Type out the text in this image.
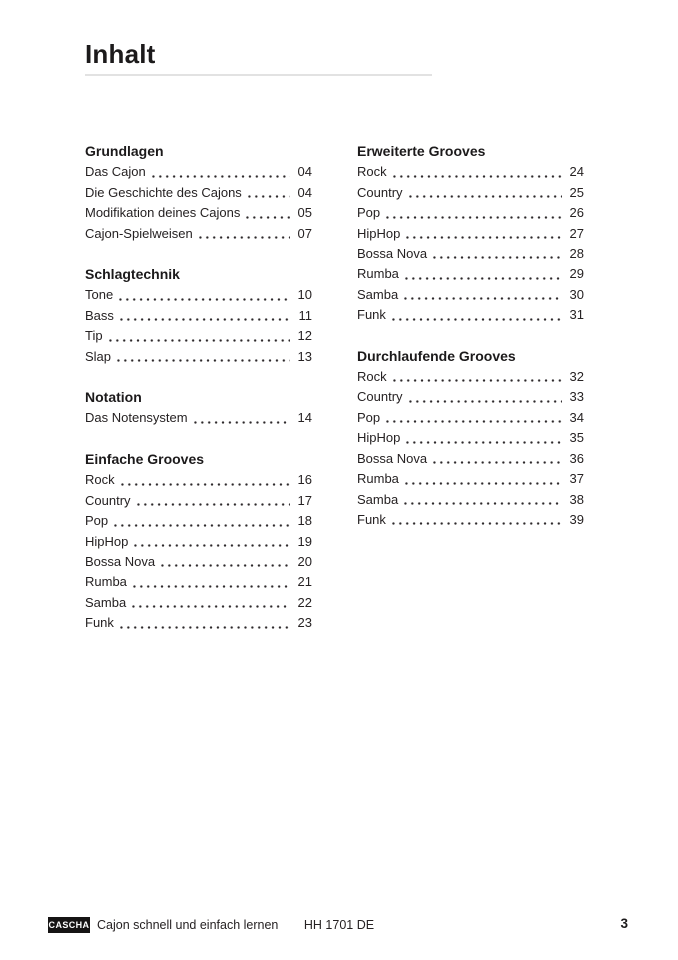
Inhalt
Grundlagen
Das Cajon	04
Die Geschichte des Cajons	04
Modifikation deines Cajons	05
Cajon-Spielweisen	07
Schlagtechnik
Tone	10
Bass	11
Tip	12
Slap	13
Notation
Das Notensystem	14
Einfache Grooves
Rock	16
Country	17
Pop	18
HipHop	19
Bossa Nova	20
Rumba	21
Samba	22
Funk	23
Erweiterte Grooves
Rock	24
Country	25
Pop	26
HipHop	27
Bossa Nova	28
Rumba	29
Samba	30
Funk	31
Durchlaufende Grooves
Rock	32
Country	33
Pop	34
HipHop	35
Bossa Nova	36
Rumba	37
Samba	38
Funk	39
CASCHA Cajon schnell und einfach lernen HH 1701 DE	3
